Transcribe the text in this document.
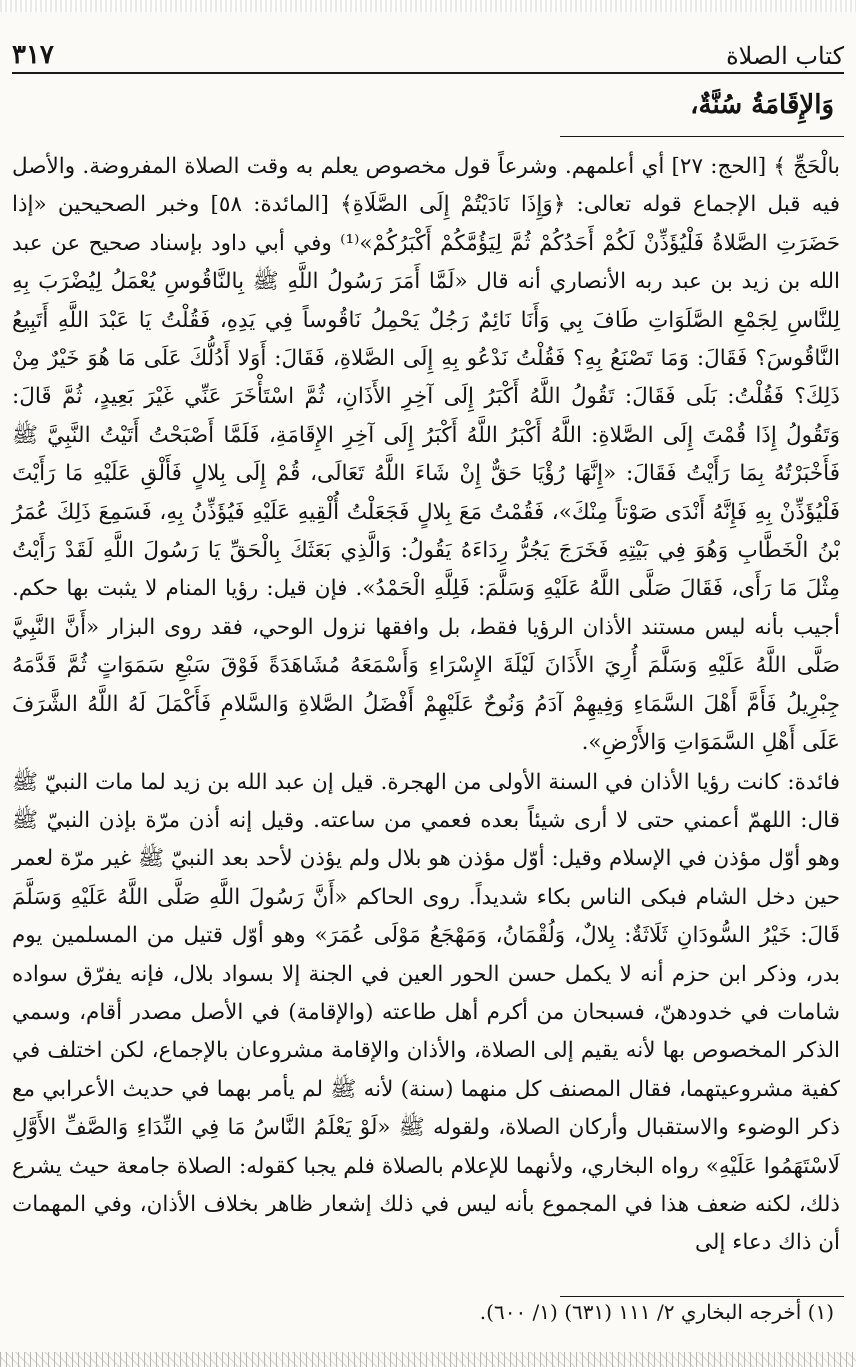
٣١٧	كتاب الصلاة
وَالإِقَامَةُ سُنَّةٌ،

بالْحَجِّ ﴾ [الحج: ٢٧] أي أعلمهم. وشرعاً قول مخصوص يعلم به وقت الصلاة المفروضة. والأصل فيه قبل الإجماع قوله تعالى: ﴿وَإِذَا نَادَيْتُمْ إِلَى الصَّلَاةِ﴾ [المائدة: ٥٨] وخبر الصحيحين «إذا حَضَرَتِ الصَّلاةُ فَلْيُؤَذِّنْ لَكُمْ أَحَدُكُمْ ثُمَّ لِيَؤُمَّكُمْ أَكْبَرُكُمْ»⁽¹⁾ وفي أبي داود بإسناد صحيح عن عبد الله بن زيد بن عبد ربه الأنصاري أنه قال «لَمَّا أَمَرَ رَسُولُ اللَّهِ ﷺ بِالنَّاقُوسِ يُعْمَلُ لِيُضْرَبَ بِهِ لِلنَّاسِ لِجَمْعِ الصَّلَوَاتِ طَافَ بِي وَأَنَا نَائِمٌ رَجُلٌ يَحْمِلُ نَاقُوساً فِي يَدِهِ، فَقُلْتُ يَا عَبْدَ اللَّهِ أَتَبِيعُ النَّاقُوسَ؟ فَقَالَ: وَمَا تَصْنَعُ بِهِ؟ فَقُلْتُ نَدْعُو بِهِ إِلَى الصَّلاةِ، فَقَالَ: أَوَلا أَدُلُّكَ عَلَى مَا هُوَ خَيْرٌ مِنْ ذَلِكَ؟ فَقُلْتُ: بَلَى فَقَالَ: تَقُولُ اللَّهُ أَكْبَرُ إِلَى آخِرِ الأَذَانِ، ثُمَّ اسْتَأْخَرَ عَنِّي غَيْرَ بَعِيدٍ، ثُمَّ قَالَ: وَتَقُولُ إِذَا قُمْتَ إِلَى الصَّلاةِ: اللَّهُ أَكْبَرُ اللَّهُ أَكْبَرُ إِلَى آخِرِ الإِقَامَةِ، فَلَمَّا أَصْبَحْتُ أَتَيْتُ النَّبِيَّ ﷺ فَأَخْبَرْتُهُ بِمَا رَأَيْتُ فَقَالَ: «إِنَّهَا رُؤْيَا حَقٌّ إِنْ شَاءَ اللَّهُ تَعَالَى، قُمْ إِلَى بِلالٍ فَأَلْقِ عَلَيْهِ مَا رَأَيْتَ فَلْيُؤَذِّنْ بِهِ فَإِنَّهُ أَنْدَى صَوْتاً مِنْكَ»، فَقُمْتُ مَعَ بِلالٍ فَجَعَلْتُ أُلْقِيهِ عَلَيْهِ فَيُؤَذِّنُ بِهِ، فَسَمِعَ ذَلِكَ عُمَرُ بْنُ الْخَطَّابِ وَهُوَ فِي بَيْتِهِ فَخَرَجَ يَجُرُّ رِدَاءَهُ يَقُولُ: وَالَّذِي بَعَثَكَ بِالْحَقِّ يَا رَسُولَ اللَّهِ لَقَدْ رَأَيْتُ مِثْلَ مَا رَأَى، فَقَالَ صَلَّى اللَّهُ عَلَيْهِ وَسَلَّمَ: فَلِلَّهِ الْحَمْدُ». فإن قيل: رؤيا المنام لا يثبت بها حكم. أجيب بأنه ليس مستند الأذان الرؤيا فقط، بل وافقها نزول الوحي، فقد روى البزار «أَنَّ النَّبِيَّ صَلَّى اللَّهُ عَلَيْهِ وَسَلَّمَ أُرِيَ الأَذَانَ لَيْلَةَ الإِسْرَاءِ وَأَسْمَعَهُ مُشَاهَدَةً فَوْقَ سَبْعِ سَمَوَاتٍ ثُمَّ قَدَّمَهُ جِبْرِيلُ فَأَمَّ أَهْلَ السَّمَاءِ وَفِيهِمْ آدَمُ وَنُوحٌ عَلَيْهِمْ أَفْضَلُ الصَّلاةِ وَالسَّلامِ فَأَكْمَلَ لَهُ اللَّهُ الشَّرَفَ عَلَى أَهْلِ السَّمَوَاتِ وَالأَرْضِ».

فائدة: كانت رؤيا الأذان في السنة الأولى من الهجرة. قيل إن عبد الله بن زيد لما مات النبيّ ﷺ قال: اللهمّ أعمني حتى لا أرى شيئاً بعده فعمي من ساعته. وقيل إنه أذن مرّة بإذن النبيّ ﷺ وهو أوّل مؤذن في الإسلام وقيل: أوّل مؤذن هو بلال ولم يؤذن لأحد بعد النبيّ ﷺ غير مرّة لعمر حين دخل الشام فبكى الناس بكاء شديداً. روى الحاكم «أَنَّ رَسُولَ اللَّهِ صَلَّى اللَّهُ عَلَيْهِ وَسَلَّمَ قَالَ: خَيْرُ السُّودَانِ ثَلَاثَةٌ: بِلالٌ، وَلُقْمَانُ، وَمَهْجَعُ مَوْلَى عُمَرَ» وهو أوّل قتيل من المسلمين يوم بدر، وذكر ابن حزم أنه لا يكمل حسن الحور العين في الجنة إلا بسواد بلال، فإنه يفرّق سواده شامات في خدودهنّ، فسبحان من أكرم أهل طاعته (والإقامة) في الأصل مصدر أقام، وسمي الذكر المخصوص بها لأنه يقيم إلى الصلاة، والأذان والإقامة مشروعان بالإجماع، لكن اختلف في كفية مشروعيتهما، فقال المصنف كل منهما (سنة) لأنه ﷺ لم يأمر بهما في حديث الأعرابي مع ذكر الوضوء والاستقبال وأركان الصلاة، ولقوله ﷺ «لَوْ يَعْلَمُ النَّاسُ مَا فِي النِّدَاءِ وَالصَّفِّ الأَوَّلِ لَاسْتَهَمُوا عَلَيْهِ» رواه البخاري، ولأنهما للإعلام بالصلاة فلم يجبا كقوله: الصلاة جامعة حيث يشرع ذلك، لكنه ضعف هذا في المجموع بأنه ليس في ذلك إشعار ظاهر بخلاف الأذان، وفي المهمات أن ذاك دعاء إلى

(١) أخرجه البخاري ٢/ ١١١ (٦٣١) (١/ ٦٠٠).
